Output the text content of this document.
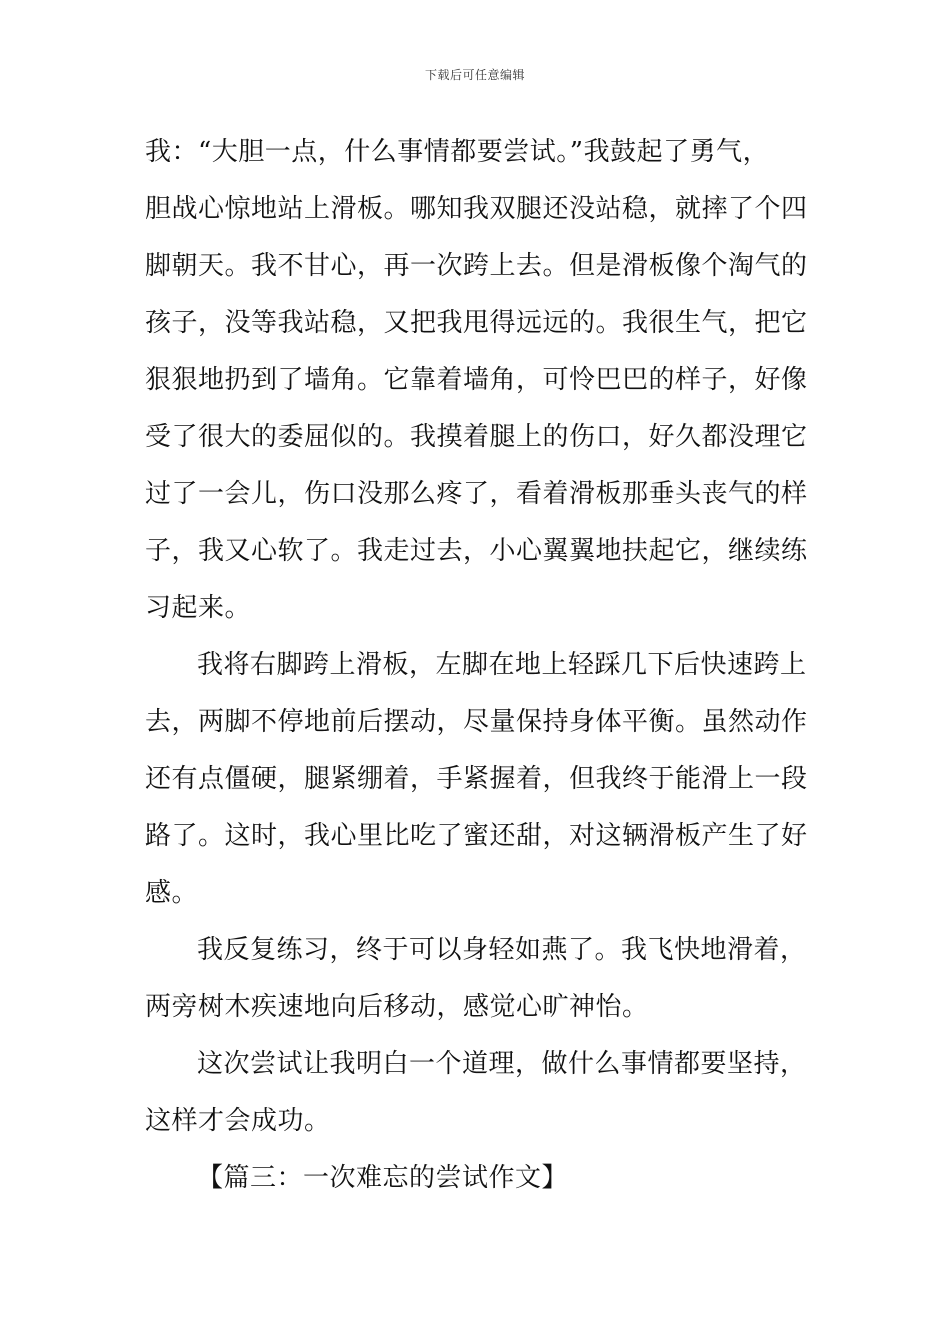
下载后可任意编辑
我：“大胆一点，什么事情都要尝试。”我鼓起了勇气，
胆战心惊地站上滑板。哪知我双腿还没站稳，就摔了个四
脚朝天。我不甘心，再一次跨上去。但是滑板像个淘气的
孩子，没等我站稳，又把我甩得远远的。我很生气，把它
狠狠地扔到了墙角。它靠着墙角，可怜巴巴的样子，好像
受了很大的委屈似的。我摸着腿上的伤口，好久都没理它
过了一会儿，伤口没那么疼了，看着滑板那垂头丧气的样
子，我又心软了。我走过去，小心翼翼地扶起它，继续练
习起来。
我将右脚跨上滑板，左脚在地上轻踩几下后快速跨上
去，两脚不停地前后摆动，尽量保持身体平衡。虽然动作
还有点僵硬，腿紧绷着，手紧握着，但我终于能滑上一段
路了。这时，我心里比吃了蜜还甜，对这辆滑板产生了好
感。
我反复练习，终于可以身轻如燕了。我飞快地滑着，
两旁树木疾速地向后移动，感觉心旷神怡。
这次尝试让我明白一个道理，做什么事情都要坚持，
这样才会成功。
【篇三：一次难忘的尝试作文】
